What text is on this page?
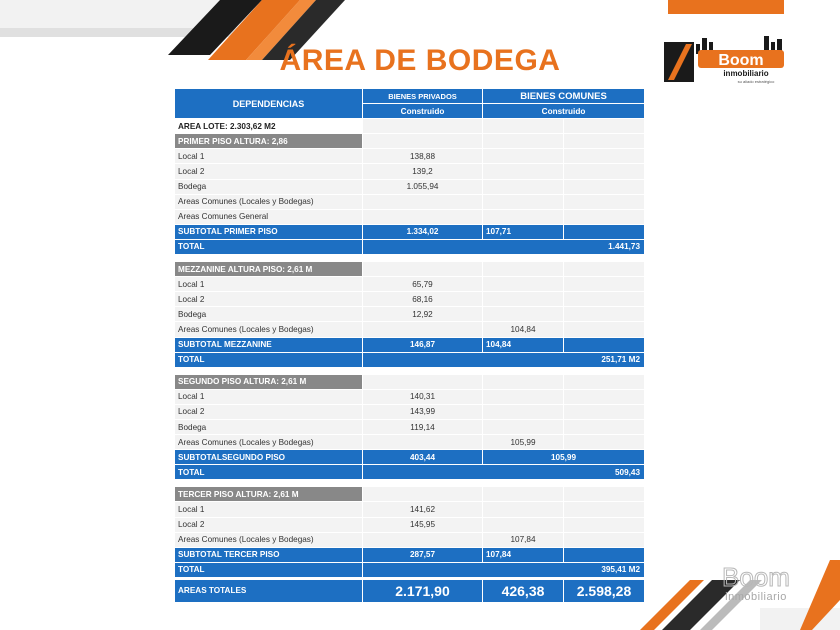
ÁREA DE BODEGA	Boom
inmobiliario
su aliado estratégico
Boom
inmobiliario
DEPENDENCIAS	BIENES PRIVADOS	BIENES COMUNES	
	Construido	Construido	
AREA LOTE: 2.303,62 M2			
PRIMER PISO ALTURA: 2,86			
Local 1	138,88		
Local 2	139,2		
Bodega	1.055,94		
Areas Comunes (Locales y Bodegas)			
Areas Comunes General			
SUBTOTAL PRIMER PISO	1.334,02	107,71	
TOTAL	1.441,73		

MEZZANINE ALTURA PISO: 2,61 M			
Local 1	65,79		
Local 2	68,16		
Bodega	12,92		
Areas Comunes (Locales y Bodegas)		104,84	
SUBTOTAL MEZZANINE	146,87	104,84	
TOTAL	251,71 M2		

SEGUNDO PISO ALTURA: 2,61 M			
Local 1	140,31		
Local 2	143,99		
Bodega	119,14		
Areas Comunes (Locales y Bodegas)		105,99	
SUBTOTALSEGUNDO PISO	403,44	105,99	
TOTAL	509,43		

TERCER PISO ALTURA: 2,61 M			
Local 1	141,62		
Local 2	145,95		
Areas Comunes (Locales y Bodegas)		107,84	
SUBTOTAL TERCER PISO	287,57	107,84	
TOTAL	395,41 M2		
AREAS TOTALES	2.171,90	426,38	2.598,28
